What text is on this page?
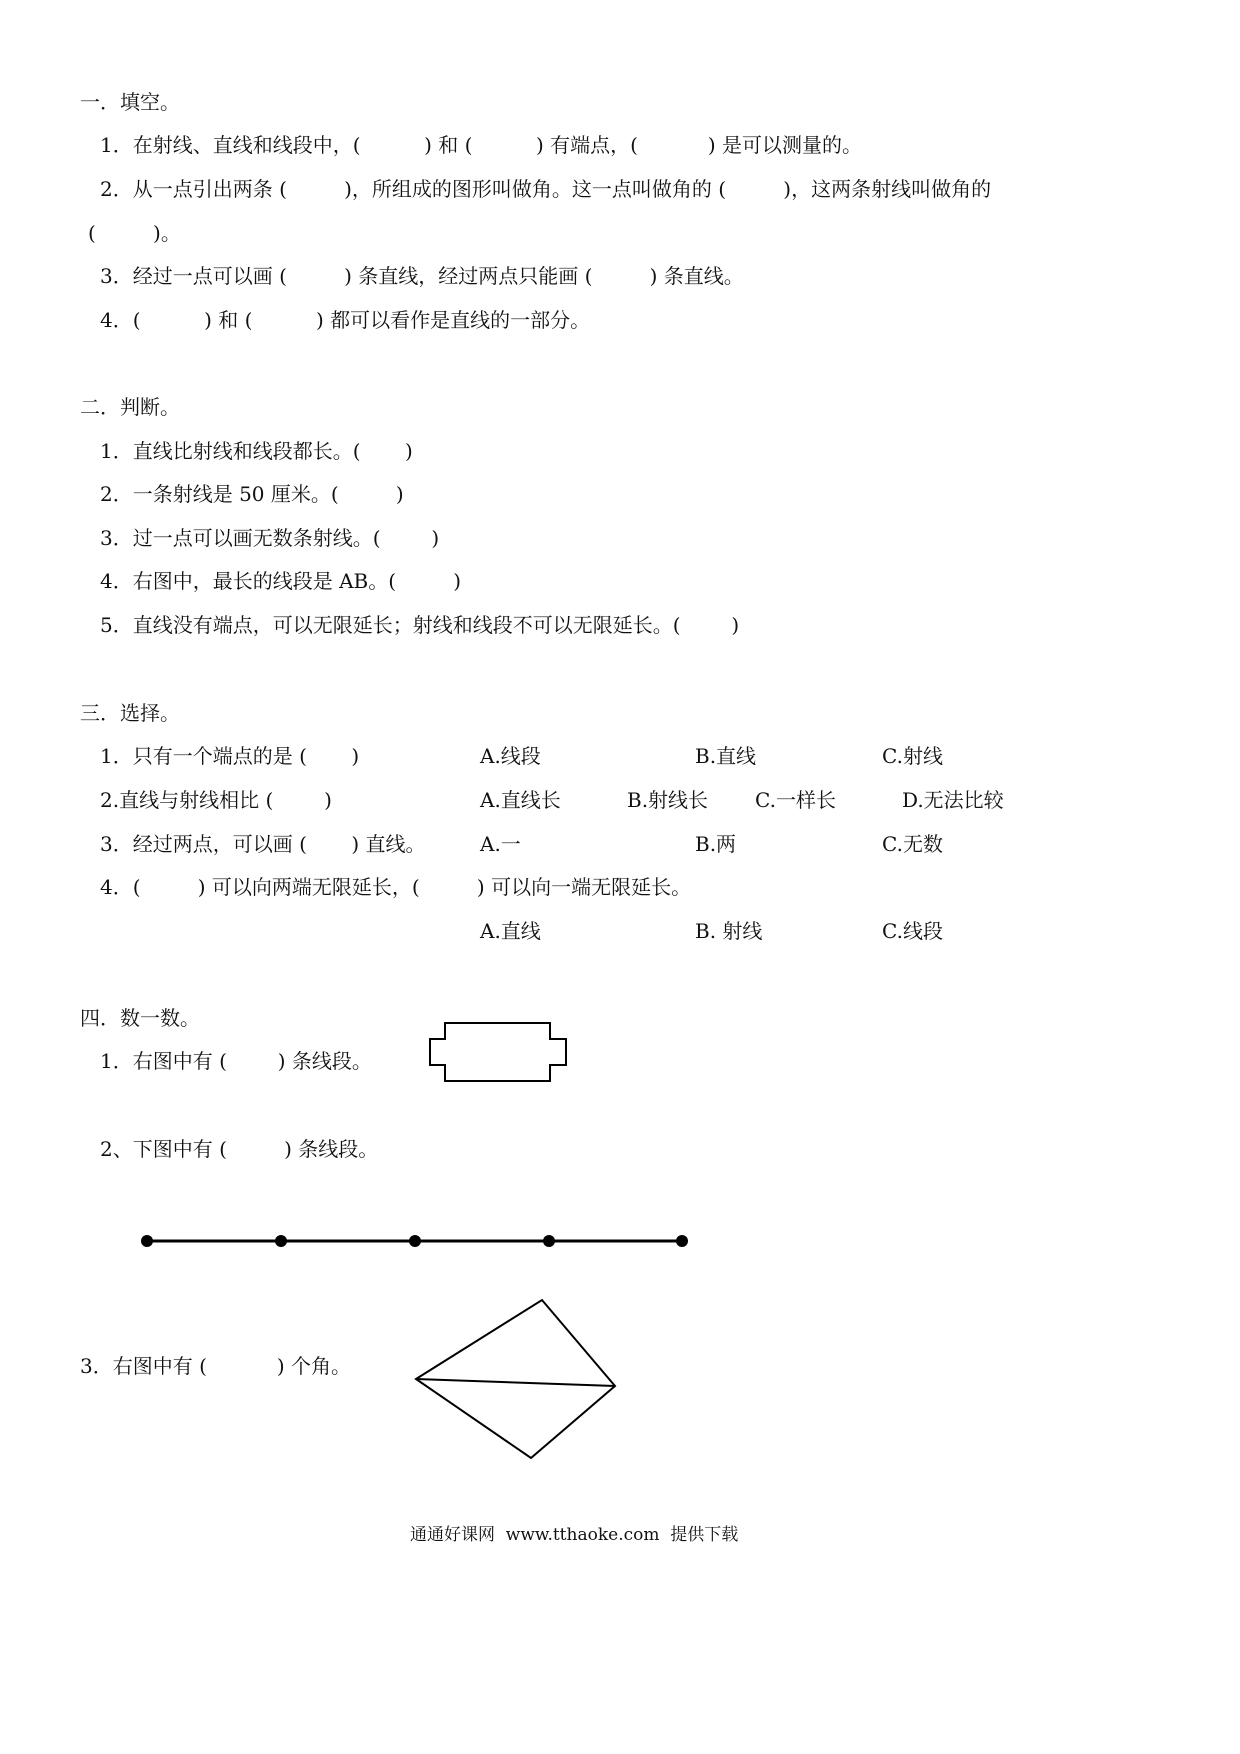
一．填空。
1．在射线、直线和线段中，(          ) 和 (          ) 有端点，(           ) 是可以测量的。
2．从一点引出两条 (         )，所组成的图形叫做角。这一点叫做角的 (         )，这两条射线叫做角的
(         )。
3．经过一点可以画 (         ) 条直线，经过两点只能画 (         ) 条直线。
4．(          ) 和 (          ) 都可以看作是直线的一部分。
二．判断。
1．直线比射线和线段都长。(       )
2．一条射线是 50 厘米。(         )
3．过一点可以画无数条射线。(        )
4．右图中，最长的线段是 AB。(         )
5．直线没有端点，可以无限延长；射线和线段不可以无限延长。(        )
三．选择。
1．只有一个端点的是 (       )	A.线段	B.直线	C.射线
2.直线与射线相比 (        )	A.直线长	B.射线长 C.一样长	D.无法比较
3．经过两点，可以画 (       ) 直线。	A.一	B.两	C.无数
4．(         ) 可以向两端无限延长，(         ) 可以向一端无限延长。
A.直线	B. 射线	C.线段
四．数一数。
1．右图中有 (        ) 条线段。
2、下图中有 (         ) 条线段。
3．右图中有 (           ) 个角。
通通好课网  www.tthaoke.com  提供下载
